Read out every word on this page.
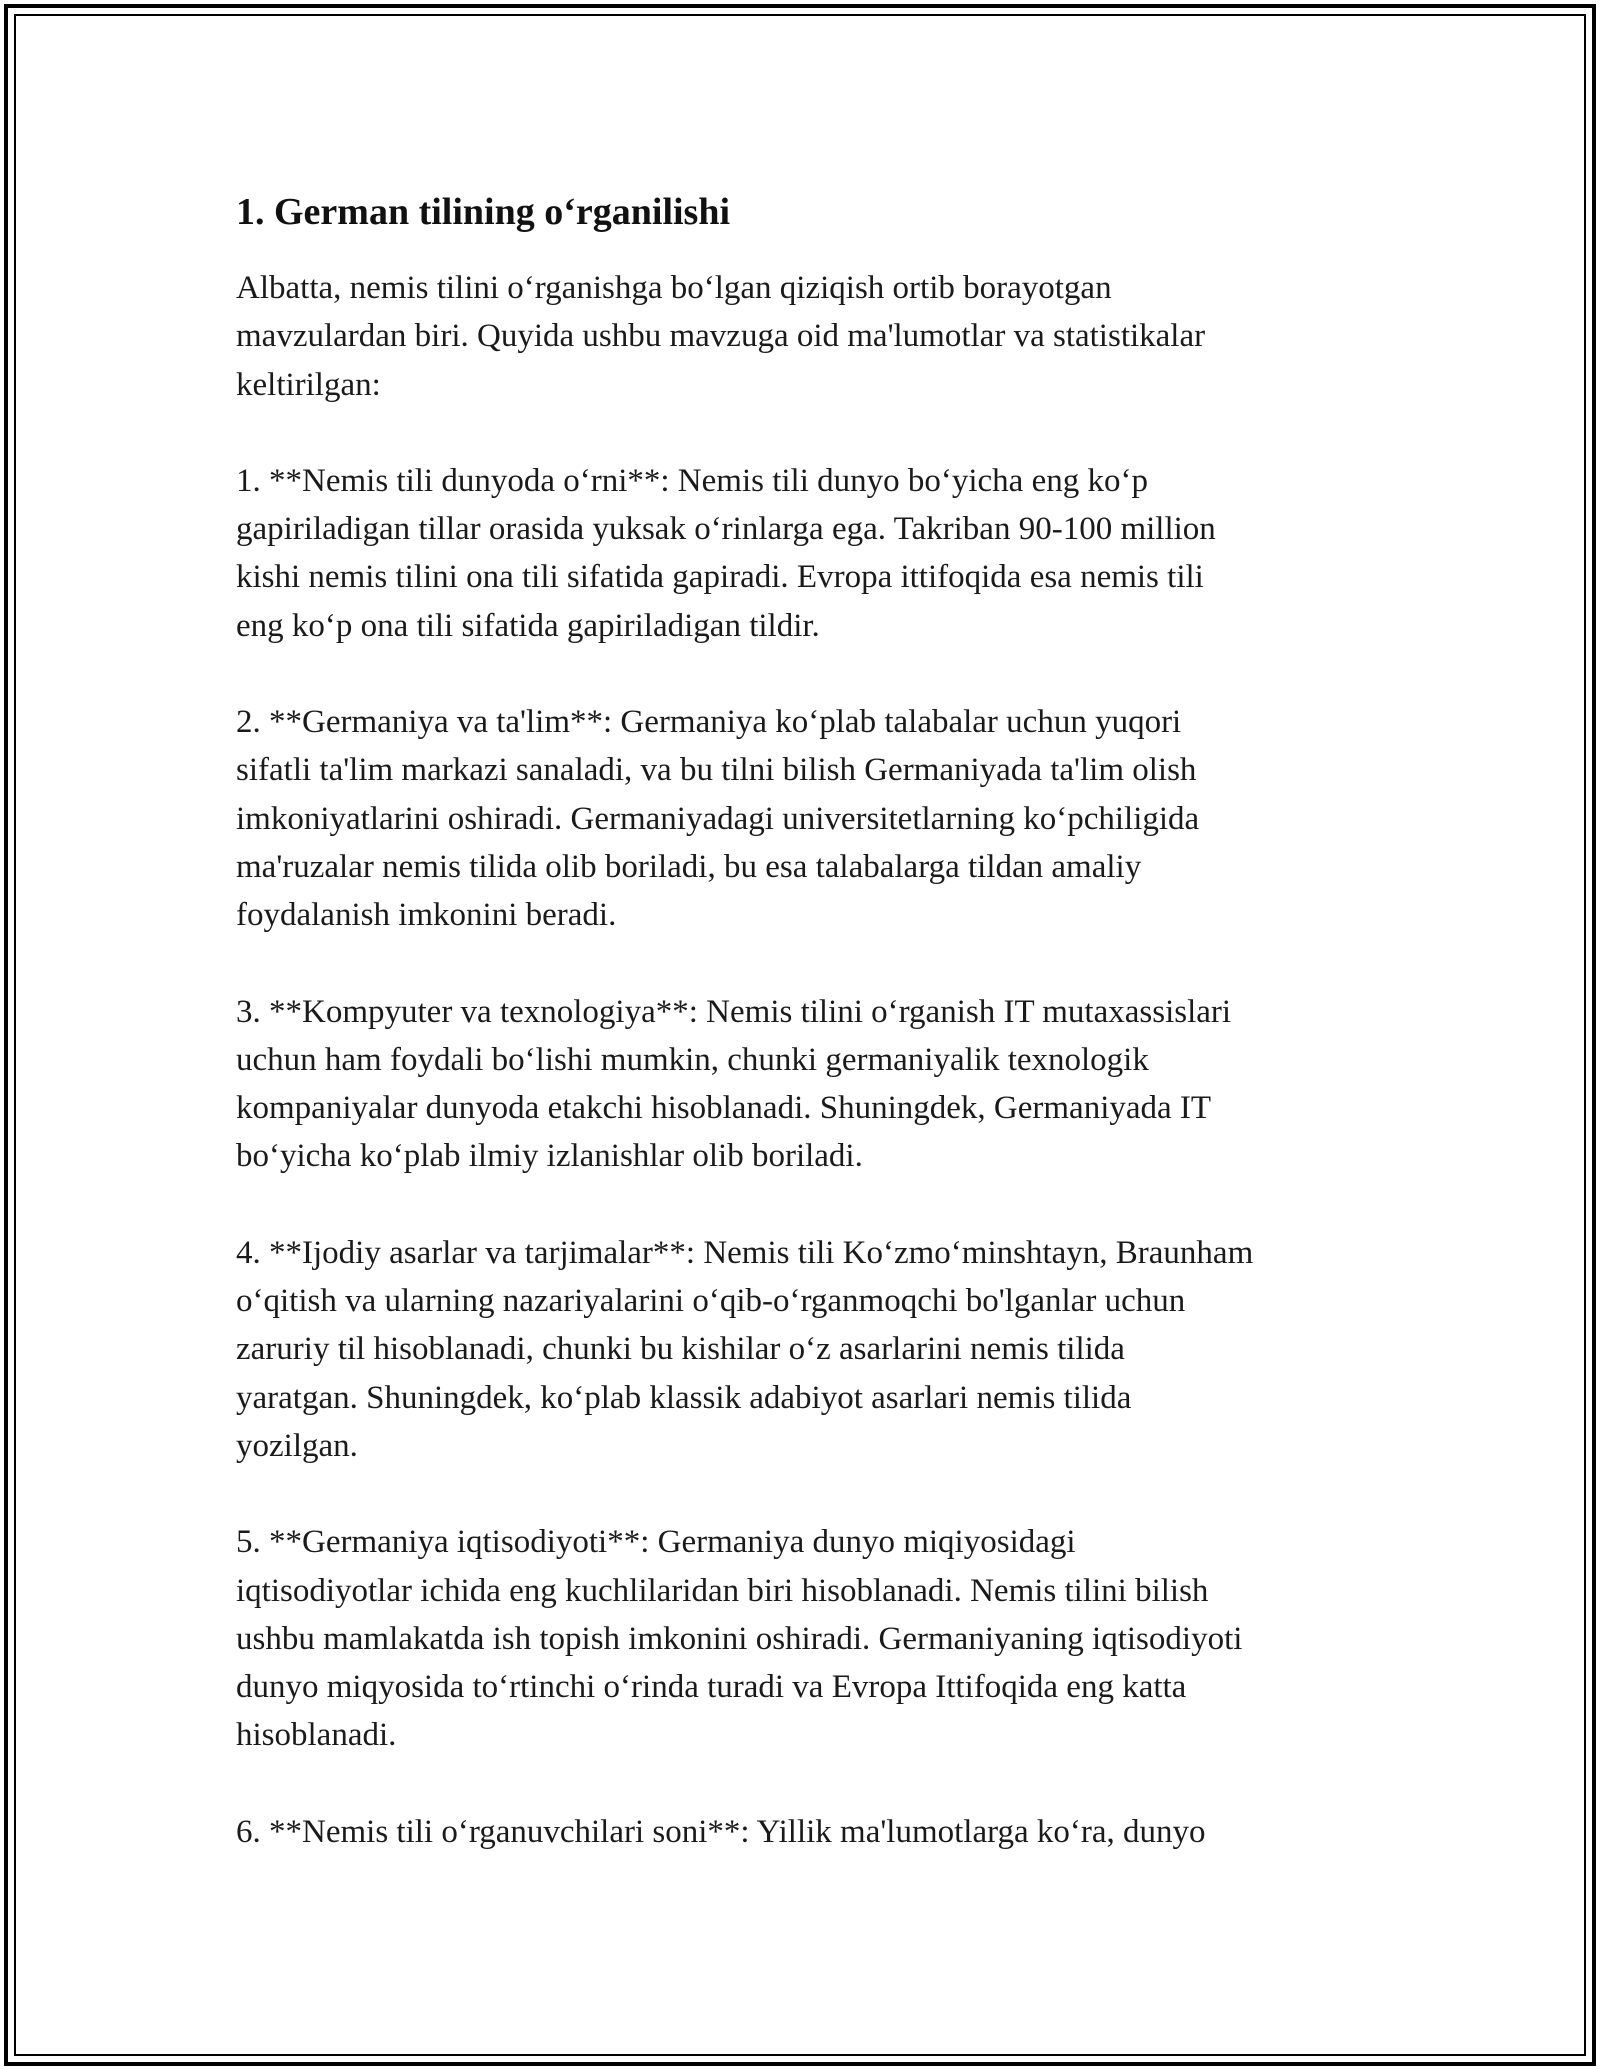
1. German tilining o‘rganilishi

Albatta, nemis tilini o‘rganishga bo‘lgan qiziqish ortib borayotgan
mavzulardan biri. Quyida ushbu mavzuga oid ma'lumotlar va statistikalar
keltirilgan:

1. **Nemis tili dunyoda o‘rni**: Nemis tili dunyo bo‘yicha eng ko‘p
gapiriladigan tillar orasida yuksak o‘rinlarga ega. Takriban 90-100 million
kishi nemis tilini ona tili sifatida gapiradi. Evropa ittifoqida esa nemis tili
eng ko‘p ona tili sifatida gapiriladigan tildir.

2. **Germaniya va ta'lim**: Germaniya ko‘plab talabalar uchun yuqori
sifatli ta'lim markazi sanaladi, va bu tilni bilish Germaniyada ta'lim olish
imkoniyatlarini oshiradi. Germaniyadagi universitetlarning ko‘pchiligida
ma'ruzalar nemis tilida olib boriladi, bu esa talabalarga tildan amaliy
foydalanish imkonini beradi.

3. **Kompyuter va texnologiya**: Nemis tilini o‘rganish IT mutaxassislari
uchun ham foydali bo‘lishi mumkin, chunki germaniyalik texnologik
kompaniyalar dunyoda etakchi hisoblanadi. Shuningdek, Germaniyada IT
bo‘yicha ko‘plab ilmiy izlanishlar olib boriladi.

4. **Ijodiy asarlar va tarjimalar**: Nemis tili Ko‘zmo‘minshtayn, Braunham
o‘qitish va ularning nazariyalarini o‘qib-o‘rganmoqchi bo'lganlar uchun
zaruriy til hisoblanadi, chunki bu kishilar o‘z asarlarini nemis tilida
yaratgan. Shuningdek, ko‘plab klassik adabiyot asarlari nemis tilida
yozilgan.

5. **Germaniya iqtisodiyoti**: Germaniya dunyo miqiyosidagi
iqtisodiyotlar ichida eng kuchlilaridan biri hisoblanadi. Nemis tilini bilish
ushbu mamlakatda ish topish imkonini oshiradi. Germaniyaning iqtisodiyoti
dunyo miqyosida to‘rtinchi o‘rinda turadi va Evropa Ittifoqida eng katta
hisoblanadi.

6. **Nemis tili o‘rganuvchilari soni**: Yillik ma'lumotlarga ko‘ra, dunyo
